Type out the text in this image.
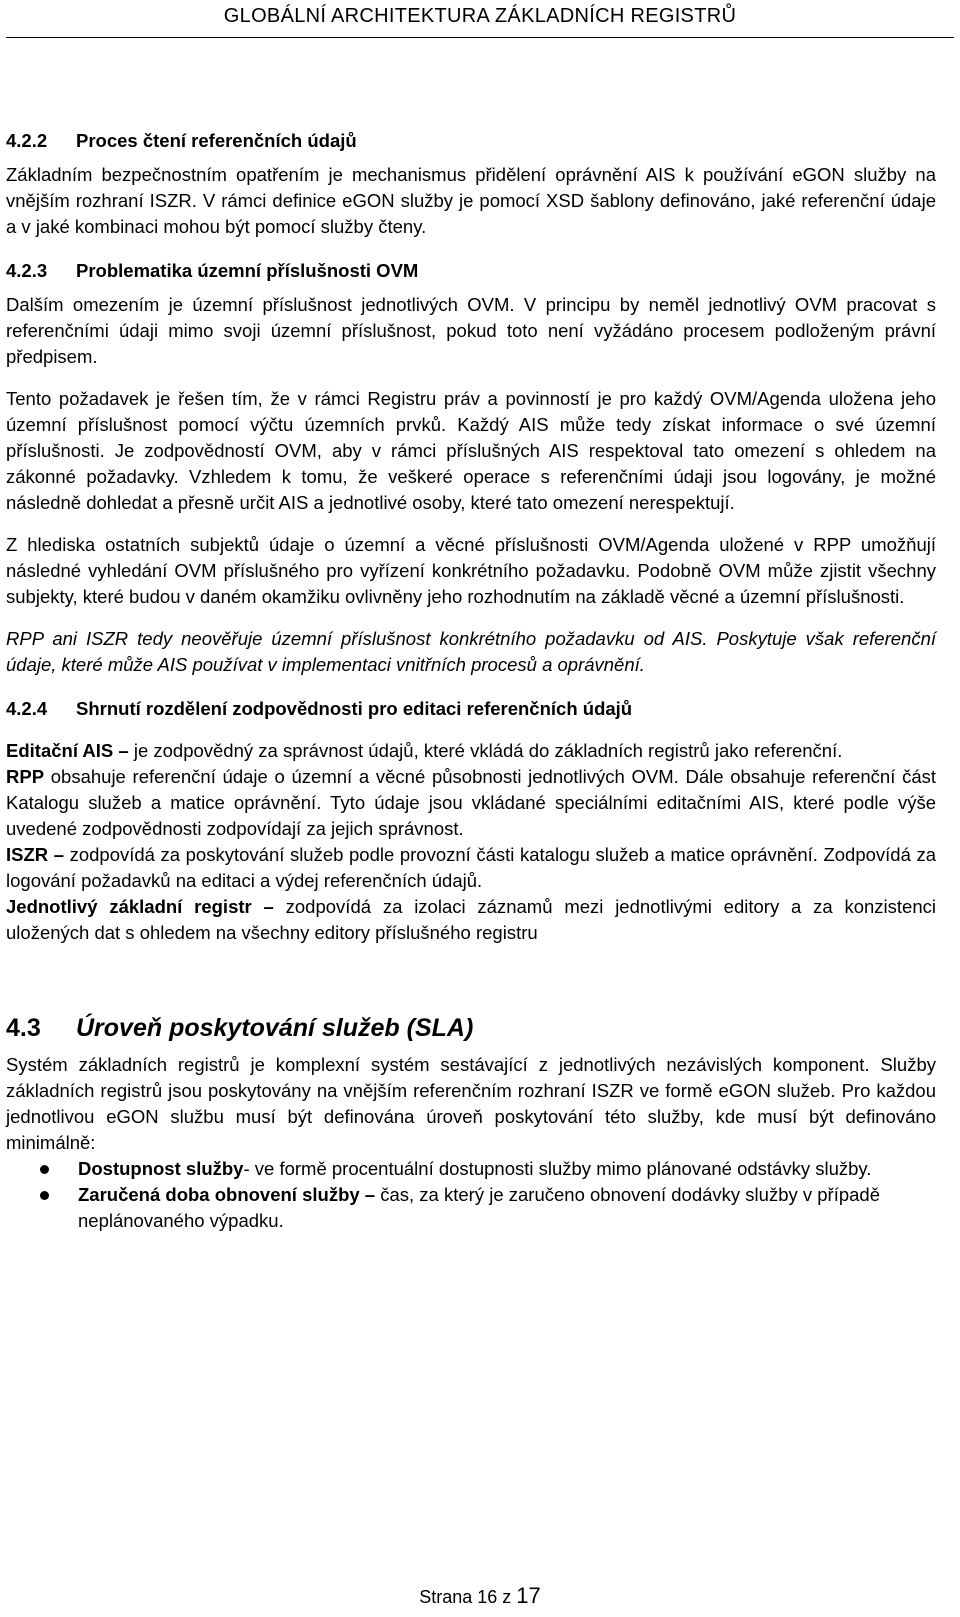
GLOBÁLNÍ ARCHITEKTURA ZÁKLADNÍCH REGISTRŮ
4.2.2	Proces čtení referenčních údajů

Základním bezpečnostním opatřením je mechanismus přidělení oprávnění AIS k používání eGON služby na vnějším rozhraní ISZR. V rámci definice eGON služby je pomocí XSD šablony definováno, jaké referenční údaje a v jaké kombinaci mohou být pomocí služby čteny.

4.2.3	Problematika územní příslušnosti OVM

Dalším omezením je územní příslušnost jednotlivých OVM. V principu by neměl jednotlivý OVM pracovat s referenčními údaji mimo svoji územní příslušnost, pokud toto není vyžádáno procesem podloženým právní předpisem.

Tento požadavek je řešen tím, že v rámci Registru práv a povinností je pro každý OVM/Agenda uložena jeho územní příslušnost pomocí výčtu územních prvků. Každý AIS může tedy získat informace o své územní příslušnosti. Je zodpovědností OVM, aby v rámci příslušných AIS respektoval tato omezení s ohledem na zákonné požadavky. Vzhledem k tomu, že veškeré operace s referenčními údaji jsou logovány, je možné následně dohledat a přesně určit AIS a jednotlivé osoby, které tato omezení nerespektují.

Z hlediska ostatních subjektů údaje o územní a věcné příslušnosti OVM/Agenda uložené v RPP umožňují následné vyhledání OVM příslušného pro vyřízení konkrétního požadavku. Podobně OVM může zjistit všechny subjekty, které budou v daném okamžiku ovlivněny jeho rozhodnutím na základě věcné a územní příslušnosti.

RPP ani ISZR tedy neověřuje územní příslušnost konkrétního požadavku od AIS. Poskytuje však referenční údaje, které může AIS používat v implementaci vnitřních procesů a oprávnění.

4.2.4	Shrnutí rozdělení zodpovědnosti pro editaci referenčních údajů

Editační AIS – je zodpovědný za správnost údajů, které vkládá do základních registrů jako referenční.

RPP obsahuje referenční údaje o územní a věcné působnosti jednotlivých OVM. Dále obsahuje referenční část Katalogu služeb a matice oprávnění. Tyto údaje jsou vkládané speciálními editačními AIS, které podle výše uvedené zodpovědnosti zodpovídají za jejich správnost.

ISZR – zodpovídá za poskytování služeb podle provozní části katalogu služeb a matice oprávnění. Zodpovídá za logování požadavků na editaci a výdej referenčních údajů.

Jednotlivý základní registr – zodpovídá za izolaci záznamů mezi jednotlivými editory a za konzistenci uložených dat s ohledem na všechny editory příslušného registru

4.3	Úroveň poskytování služeb (SLA)

Systém základních registrů je komplexní systém sestávající z jednotlivých nezávislých komponent. Služby základních registrů jsou poskytovány na vnějším referenčním rozhraní ISZR ve formě eGON služeb. Pro každou jednotlivou eGON službu musí být definována úroveň poskytování této služby, kde musí být definováno minimálně:

Dostupnost služby- ve formě procentuální dostupnosti služby mimo plánované odstávky služby.
Zaručená doba obnovení služby – čas, za který je zaručeno obnovení dodávky služby v případě neplánovaného výpadku.
Strana 16 z 17
